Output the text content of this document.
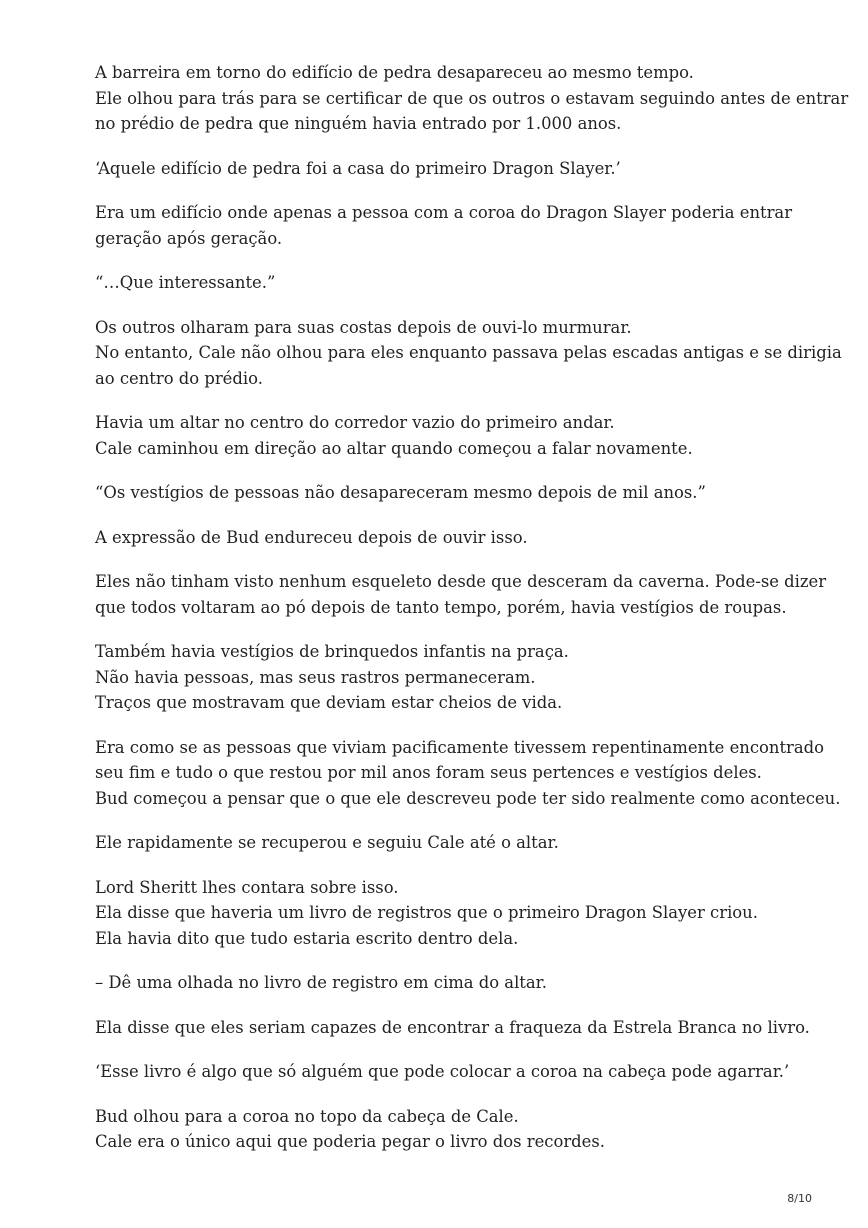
A barreira em torno do edifício de pedra desapareceu ao mesmo tempo.
Ele olhou para trás para se certificar de que os outros o estavam seguindo antes de entrar
no prédio de pedra que ninguém havia entrado por 1.000 anos.

‘Aquele edifício de pedra foi a casa do primeiro Dragon Slayer.’

Era um edifício onde apenas a pessoa com a coroa do Dragon Slayer poderia entrar
geração após geração.

“…Que interessante.”

Os outros olharam para suas costas depois de ouvi-lo murmurar.
No entanto, Cale não olhou para eles enquanto passava pelas escadas antigas e se dirigia
ao centro do prédio.

Havia um altar no centro do corredor vazio do primeiro andar.
Cale caminhou em direção ao altar quando começou a falar novamente.

“Os vestígios de pessoas não desapareceram mesmo depois de mil anos.”

A expressão de Bud endureceu depois de ouvir isso.

Eles não tinham visto nenhum esqueleto desde que desceram da caverna. Pode-se dizer
que todos voltaram ao pó depois de tanto tempo, porém, havia vestígios de roupas.

Também havia vestígios de brinquedos infantis na praça.
Não havia pessoas, mas seus rastros permaneceram.
Traços que mostravam que deviam estar cheios de vida.

Era como se as pessoas que viviam pacificamente tivessem repentinamente encontrado
seu fim e tudo o que restou por mil anos foram seus pertences e vestígios deles.
Bud começou a pensar que o que ele descreveu pode ter sido realmente como aconteceu.

Ele rapidamente se recuperou e seguiu Cale até o altar.

Lord Sheritt lhes contara sobre isso.
Ela disse que haveria um livro de registros que o primeiro Dragon Slayer criou.
Ela havia dito que tudo estaria escrito dentro dela.

– Dê uma olhada no livro de registro em cima do altar.

Ela disse que eles seriam capazes de encontrar a fraqueza da Estrela Branca no livro.

‘Esse livro é algo que só alguém que pode colocar a coroa na cabeça pode agarrar.’

Bud olhou para a coroa no topo da cabeça de Cale.
Cale era o único aqui que poderia pegar o livro dos recordes.

8/10
